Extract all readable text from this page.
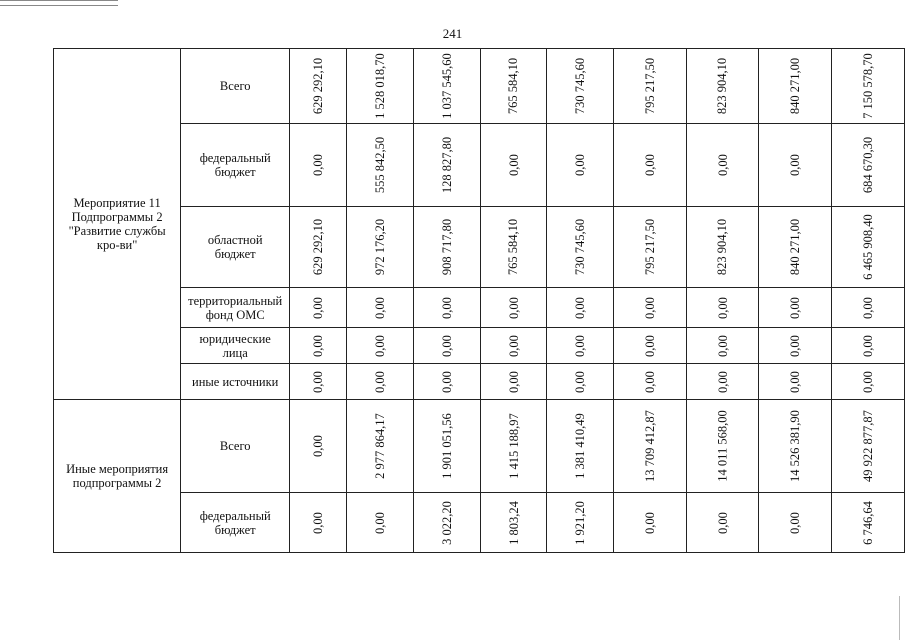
241
Мероприятие 11 Подпрограммы 2 "Развитие службы кро-ви"	Всего	629 292,10	1 528 018,70	1 037 545,60	765 584,10	730 745,60	795 217,50	823 904,10	840 271,00	7 150 578,70
	федеральный бюджет	0,00	555 842,50	128 827,80	0,00	0,00	0,00	0,00	0,00	684 670,30
	областной бюджет	629 292,10	972 176,20	908 717,80	765 584,10	730 745,60	795 217,50	823 904,10	840 271,00	6 465 908,40
	территориальный фонд ОМС	0,00	0,00	0,00	0,00	0,00	0,00	0,00	0,00	0,00
	юридические лица	0,00	0,00	0,00	0,00	0,00	0,00	0,00	0,00	0,00
	иные источники	0,00	0,00	0,00	0,00	0,00	0,00	0,00	0,00	0,00
Иные мероприятия подпрограммы 2	Всего	0,00	2 977 864,17	1 901 051,56	1 415 188,97	1 381 410,49	13 709 412,87	14 011 568,00	14 526 381,90	49 922 877,87
	федеральный бюджет	0,00	0,00	3 022,20	1 803,24	1 921,20	0,00	0,00	0,00	6 746,64
